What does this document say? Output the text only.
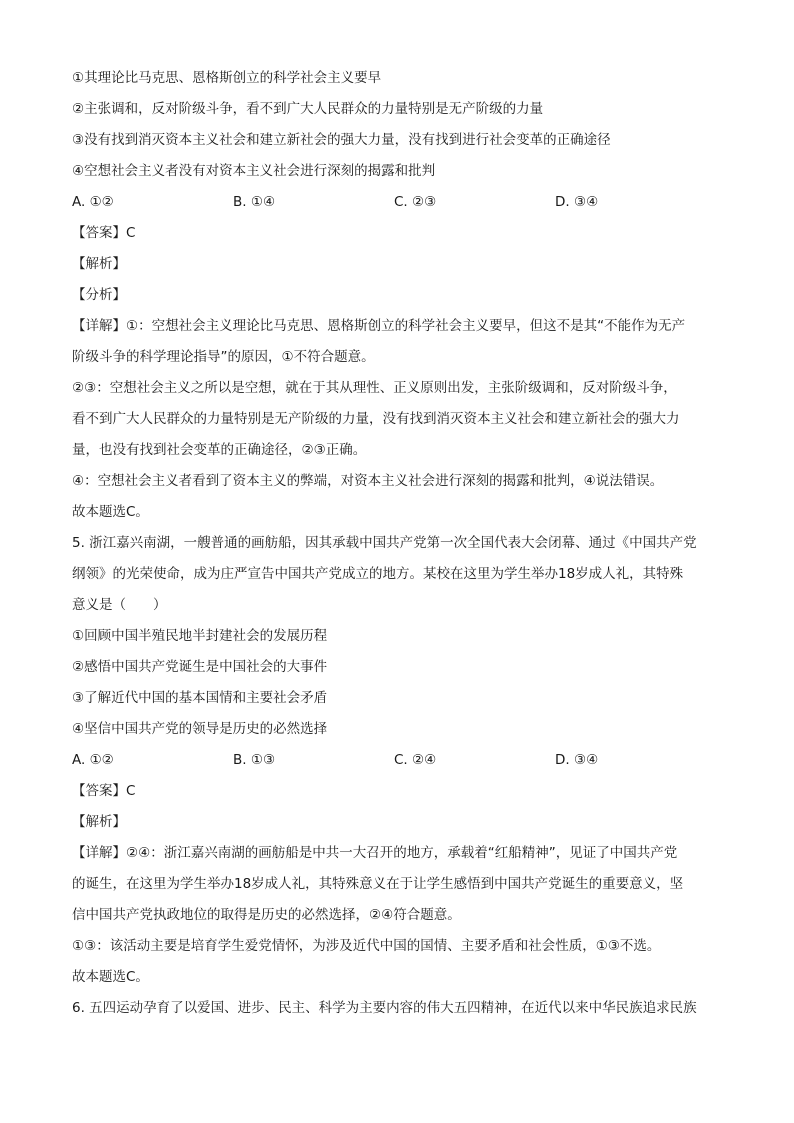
①其理论比马克思、恩格斯创立的科学社会主义要早
②主张调和，反对阶级斗争，看不到广大人民群众的力量特别是无产阶级的力量
③没有找到消灭资本主义社会和建立新社会的强大力量，没有找到进行社会变革的正确途径
④空想社会主义者没有对资本主义社会进行深刻的揭露和批判
A. ①②	B. ①④	C. ②③	D. ③④
【答案】C
【解析】
【分析】
【详解】①：空想社会主义理论比马克思、恩格斯创立的科学社会主义要早，但这不是其“不能作为无产
阶级斗争的科学理论指导”的原因，①不符合题意。
②③：空想社会主义之所以是空想，就在于其从理性、正义原则出发，主张阶级调和，反对阶级斗争，
看不到广大人民群众的力量特别是无产阶级的力量，没有找到消灭资本主义社会和建立新社会的强大力
量，也没有找到社会变革的正确途径，②③正确。
④：空想社会主义者看到了资本主义的弊端，对资本主义社会进行深刻的揭露和批判，④说法错误。
故本题选C。
5. 浙江嘉兴南湖，一艘普通的画舫船，因其承载中国共产党第一次全国代表大会闭幕、通过《中国共产党
纲领》的光荣使命，成为庄严宣告中国共产党成立的地方。某校在这里为学生举办18岁成人礼，其特殊
意义是（　　）
①回顾中国半殖民地半封建社会的发展历程
②感悟中国共产党诞生是中国社会的大事件
③了解近代中国的基本国情和主要社会矛盾
④坚信中国共产党的领导是历史的必然选择
A. ①②	B. ①③	C. ②④	D. ③④
【答案】C
【解析】
【详解】②④：浙江嘉兴南湖的画舫船是中共一大召开的地方，承载着“红船精神”，见证了中国共产党
的诞生，在这里为学生举办18岁成人礼，其特殊意义在于让学生感悟到中国共产党诞生的重要意义，坚
信中国共产党执政地位的取得是历史的必然选择，②④符合题意。
①③：该活动主要是培育学生爱党情怀，为涉及近代中国的国情、主要矛盾和社会性质，①③不选。
故本题选C。
6. 五四运动孕育了以爱国、进步、民主、科学为主要内容的伟大五四精神，在近代以来中华民族追求民族
